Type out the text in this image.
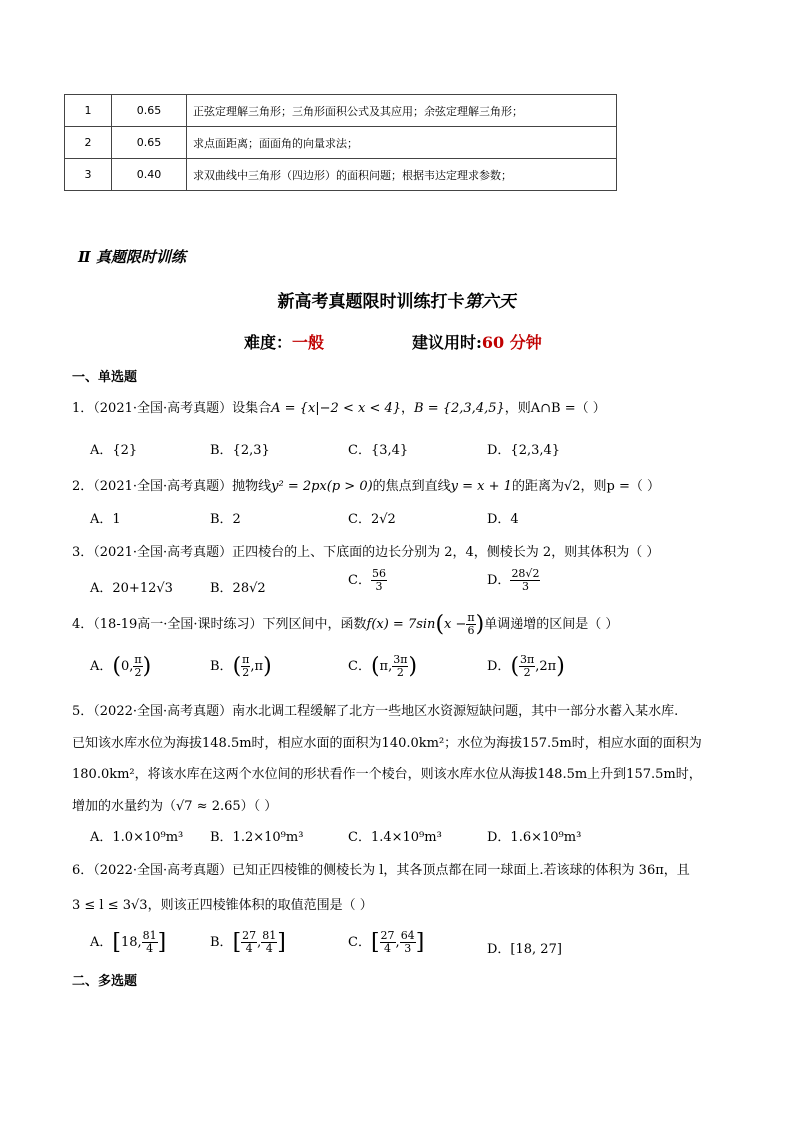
1	0.65	正弦定理解三角形；三角形面积公式及其应用；余弦定理解三角形；
2	0.65	求点面距离；面面角的向量求法；
3	0.40	求双曲线中三角形（四边形）的面积问题；根据韦达定理求参数；
Ⅱ 真题限时训练
新高考真题限时训练打卡第六天
难度：一般	建议用时:60 分钟
一、单选题
1．（2021·全国·高考真题）设集合A = {x|−2 < x < 4}，B = {2,3,4,5}，则A∩B =（ ）
A．{2}	B．{2,3}	C．{3,4}	D．{2,3,4}
2．（2021·全国·高考真题）抛物线y² = 2px(p > 0)的焦点到直线y = x + 1的距离为√2，则p =（ ）
A．1	B．2	C．2√2	D．4
3．（2021·全国·高考真题）正四棱台的上、下底面的边长分别为 2，4，侧棱长为 2，则其体积为（ ）
A．20+12√3	B．28√2
C． $\frac{56}{3}$	D． $\frac{28√2}{3}$
4．（18-19高一·全国·课时练习）下列区间中，函数$f(x) = 7\sin(x - \frac{\pi}{6}$ )单调递增的区间是（ ）
A．(0, $\frac{\pi}{2}$ )	B．( $\frac{\pi}{2} ,\pi$)	C．(π, $\frac{3\pi}{2}$ )	D．( $\frac{3\pi}{2} ,2\pi$)
5．（2022·全国·高考真题）南水北调工程缓解了北方一些地区水资源短缺问题，其中一部分水蓄入某水库.
已知该水库水位为海拔148.5m时，相应水面的面积为140.0km²；水位为海拔157.5m时，相应水面的面积为
180.0km²，将该水库在这两个水位间的形状看作一个棱台，则该水库水位从海拔148.5m上升到157.5m时，
增加的水量约为（√7 ≈ 2.65）（ ）
A．1.0×10⁹m³ B．1.2×10⁹m³	C．1.4×10⁹m³	D．1.6×10⁹m³
6．（2022·全国·高考真题）已知正四棱锥的侧棱长为 l，其各顶点都在同一球面上.若该球的体积为 36π，且
3 ≤ l ≤ 3√3，则该正四棱锥体积的取值范围是（ ）
A．[18, $\frac{81}{4}$ ]	B．[ $\frac{27}{4}$ , $\frac{81}{4}$ ]	C．[ $\frac{27}{4}$ , $\frac{64}{3}$ ]	D．[18, 27]
二、多选题
